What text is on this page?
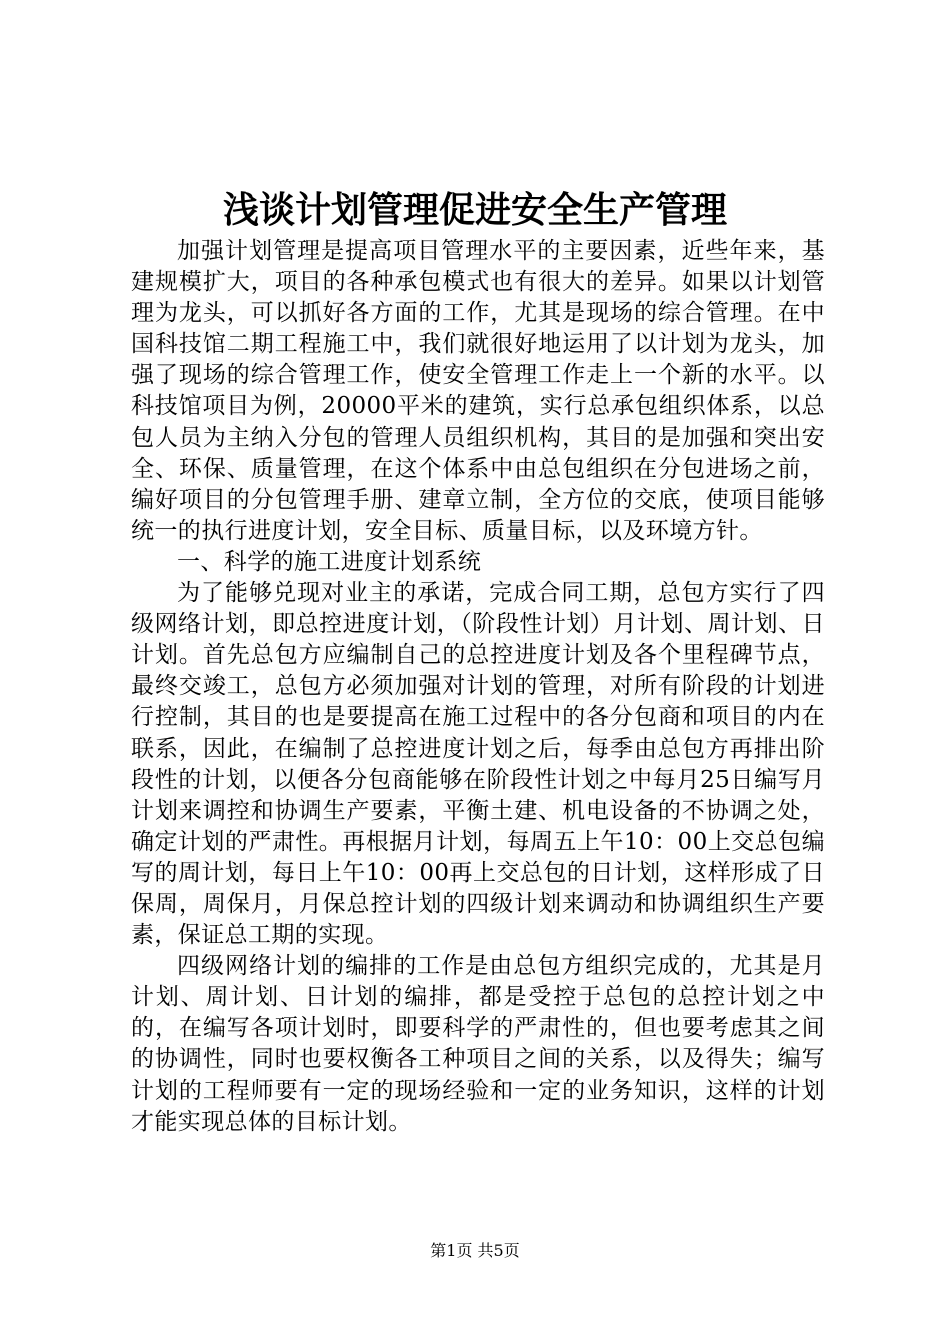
浅谈计划管理促进安全生产管理

加强计划管理是提高项目管理水平的主要因素，近些年来，基建规模扩大，项目的各种承包模式也有很大的差异。如果以计划管理为龙头，可以抓好各方面的工作，尤其是现场的综合管理。在中国科技馆二期工程施工中，我们就很好地运用了以计划为龙头，加强了现场的综合管理工作，使安全管理工作走上一个新的水平。以科技馆项目为例，20000平米的建筑，实行总承包组织体系，以总包人员为主纳入分包的管理人员组织机构，其目的是加强和突出安全、环保、质量管理，在这个体系中由总包组织在分包进场之前，编好项目的分包管理手册、建章立制，全方位的交底，使项目能够统一的执行进度计划，安全目标、质量目标，以及环境方针。

一、科学的施工进度计划系统

为了能够兑现对业主的承诺，完成合同工期，总包方实行了四级网络计划，即总控进度计划，（阶段性计划）月计划、周计划、日计划。首先总包方应编制自己的总控进度计划及各个里程碑节点，最终交竣工，总包方必须加强对计划的管理，对所有阶段的计划进行控制，其目的也是要提高在施工过程中的各分包商和项目的内在联系，因此，在编制了总控进度计划之后，每季由总包方再排出阶段性的计划，以便各分包商能够在阶段性计划之中每月25日编写月计划来调控和协调生产要素，平衡土建、机电设备的不协调之处，确定计划的严肃性。再根据月计划，每周五上午10：00上交总包编写的周计划，每日上午10：00再上交总包的日计划，这样形成了日保周，周保月，月保总控计划的四级计划来调动和协调组织生产要素，保证总工期的实现。

四级网络计划的编排的工作是由总包方组织完成的，尤其是月计划、周计划、日计划的编排，都是受控于总包的总控计划之中的，在编写各项计划时，即要科学的严肃性的，但也要考虑其之间的协调性，同时也要权衡各工种项目之间的关系，以及得失；编写计划的工程师要有一定的现场经验和一定的业务知识，这样的计划才能实现总体的目标计划。

第1页 共5页
